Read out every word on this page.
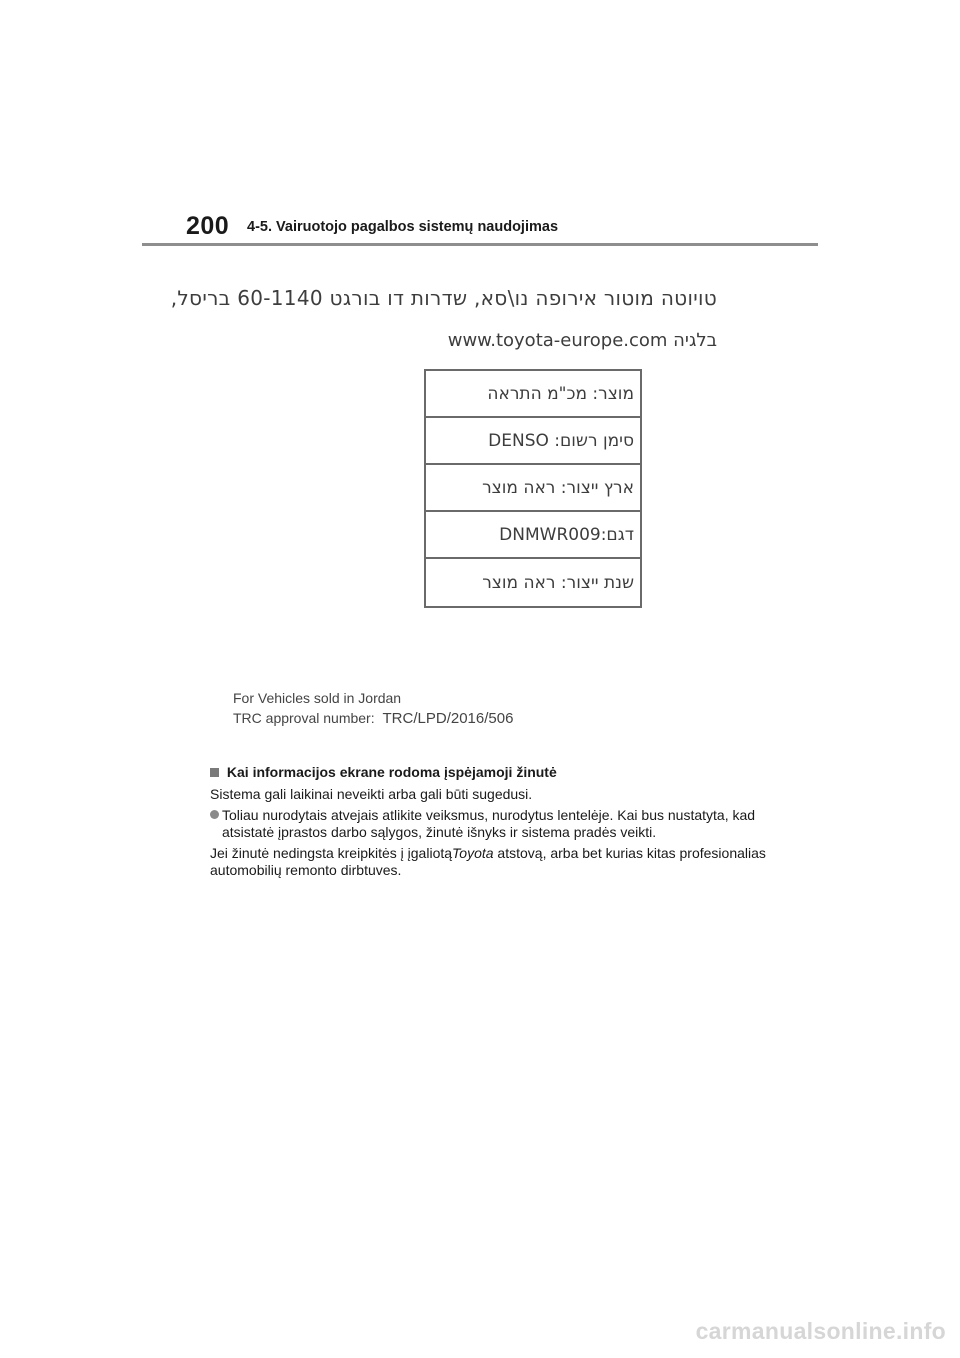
200 4-5. Vairuotojo pagalbos sistemų naudojimas
טויוטה מוטור אירופה נו\סא, שדרות דו בורגט 60-1140 בריסל,
בלגיה www.toyota-europe.com
מוצר: מכ"מ התראה
סימן רשום: DENSO
ארץ ייצור: ראה מוצר
דגם:DNMWR009
שנת ייצור: ראה מוצר
For Vehicles sold in Jordan
TRC approval number: TRC/LPD/2016/506
Kai informacijos ekrane rodoma įspėjamoji žinutė
Sistema gali laikinai neveikti arba gali būti sugedusi.
Toliau nurodytais atvejais atlikite veiksmus, nurodytus lentelėje. Kai bus nustatyta, kad atsistatė įprastos darbo sąlygos, žinutė išnyks ir sistema pradės veikti.
Jei žinutė nedingsta kreipkitės į įgaliotąToyota atstovą, arba bet kurias kitas profesionalias automobilių remonto dirbtuves.
carmanualsonline.info
